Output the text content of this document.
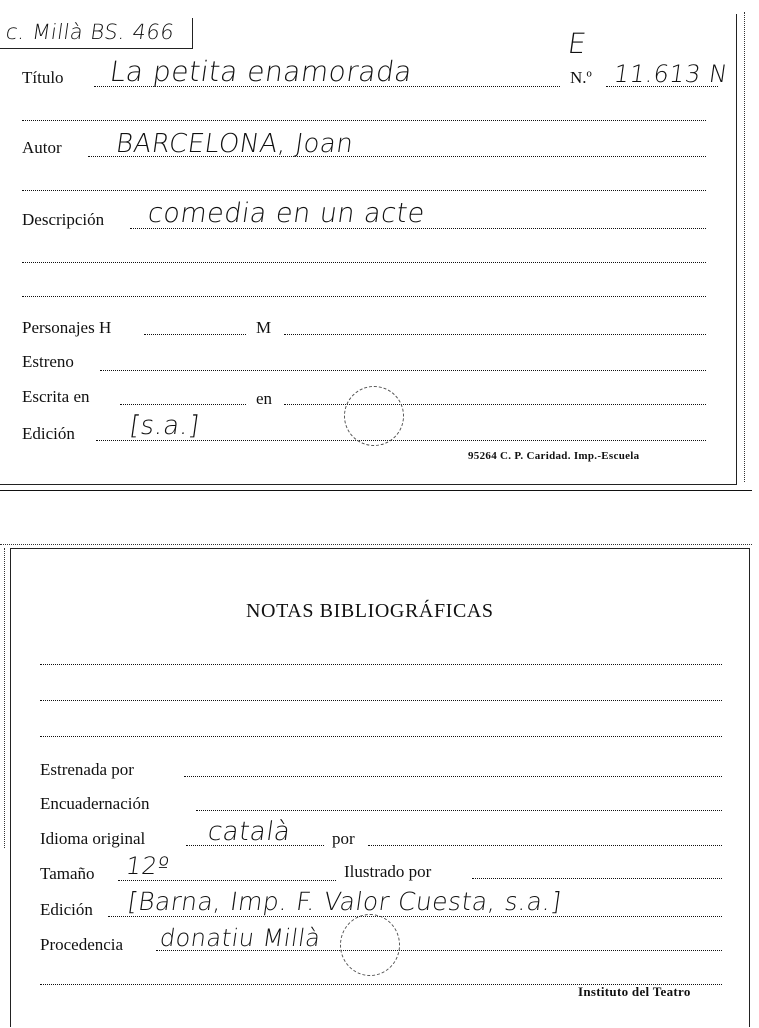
c. Millà BS. 466	E
Título La petita enamorada	N.º 11.613 N
Autor BARCELONA, Joan
Descripción comedia en un acte
Personajes H	M
Estreno
Escrita en	en
Edición [s.a.]
95264 C. P. Caridad. Imp.-Escuela
NOTAS BIBLIOGRÁFICAS
Estrenada por
Encuadernación
Idioma original català por
Tamaño 12º	Ilustrado por
Edición [Barna, Imp. F. Valor Cuesta, s.a.]
Procedencia donatiu Millà
Instituto del Teatro
